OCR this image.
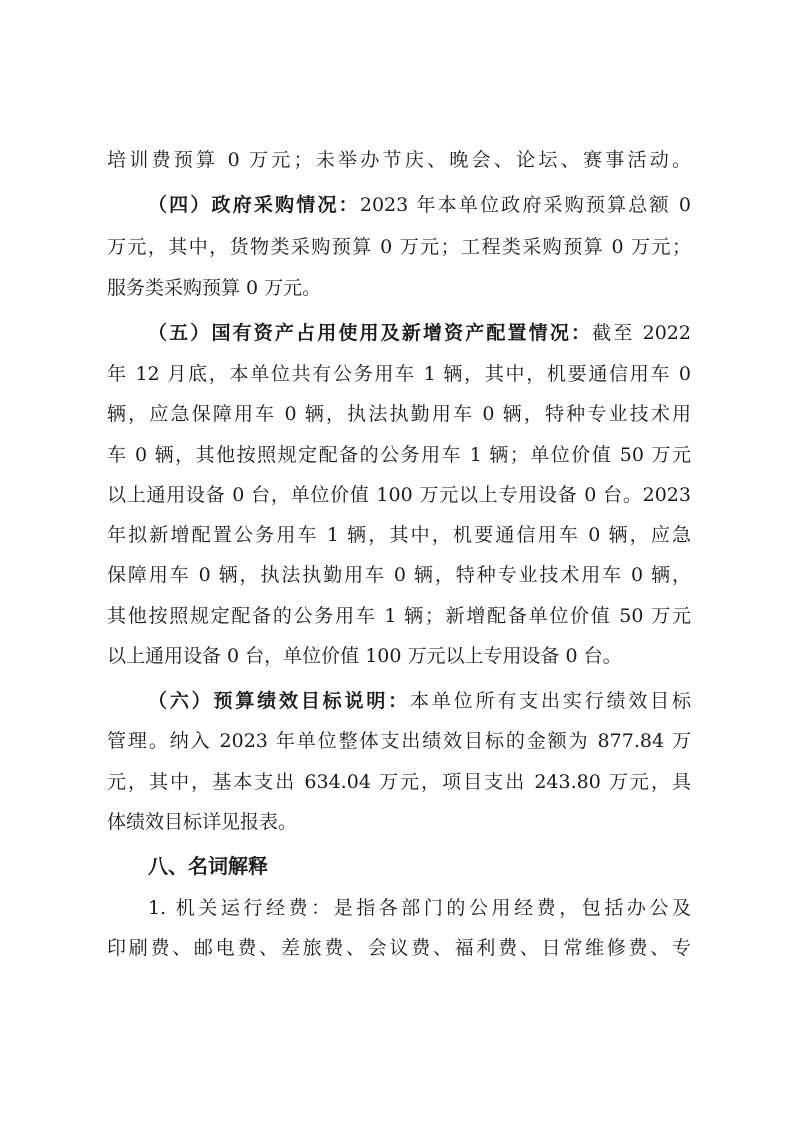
培训费预算 0 万元；未举办节庆、晚会、论坛、赛事活动。
（四）政府采购情况：2023 年本单位政府采购预算总额 0
万元，其中，货物类采购预算 0 万元；工程类采购预算 0 万元；
服务类采购预算 0 万元。
（五）国有资产占用使用及新增资产配置情况：截至 2022
年 12 月底，本单位共有公务用车 1 辆，其中，机要通信用车 0
辆，应急保障用车 0 辆，执法执勤用车 0 辆，特种专业技术用
车 0 辆，其他按照规定配备的公务用车 1 辆；单位价值 50 万元
以上通用设备 0 台，单位价值 100 万元以上专用设备 0 台。2023
年拟新增配置公务用车 1 辆，其中，机要通信用车 0 辆，应急
保障用车 0 辆，执法执勤用车 0 辆，特种专业技术用车 0 辆，
其他按照规定配备的公务用车 1 辆；新增配备单位价值 50 万元
以上通用设备 0 台，单位价值 100 万元以上专用设备 0 台。
（六）预算绩效目标说明：本单位所有支出实行绩效目标
管理。纳入 2023 年单位整体支出绩效目标的金额为 877.84 万
元，其中，基本支出 634.04 万元，项目支出 243.80 万元，具
体绩效目标详见报表。
八、名词解释
1. 机关运行经费：是指各部门的公用经费，包括办公及
印刷费、邮电费、差旅费、会议费、福利费、日常维修费、专
